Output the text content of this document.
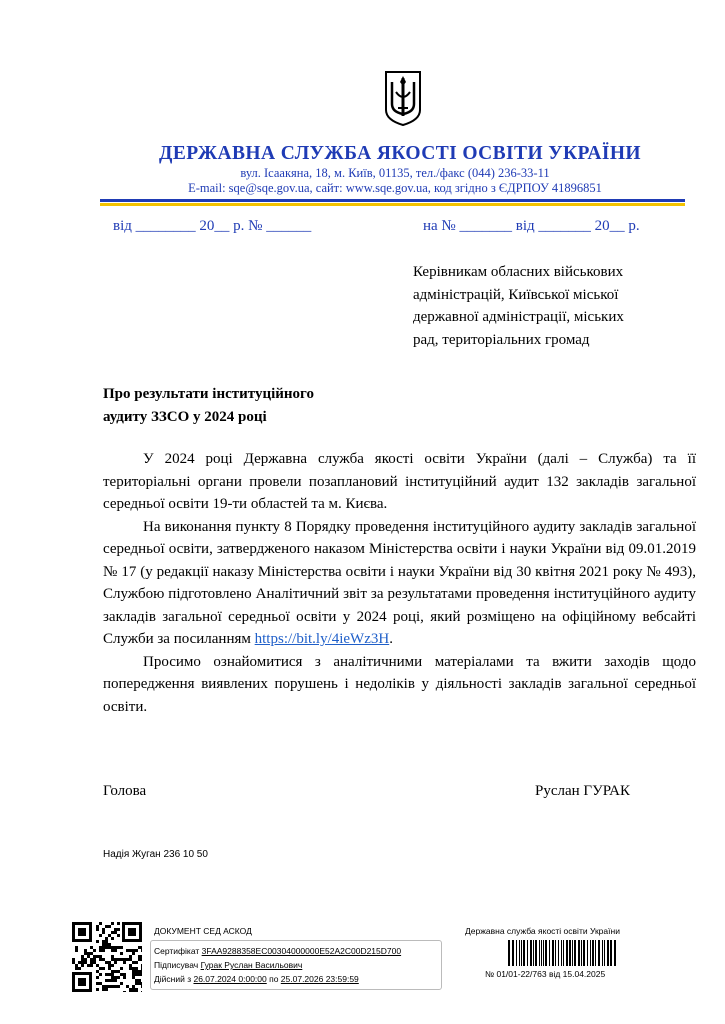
ДЕРЖАВНА СЛУЖБА ЯКОСТІ ОСВІТИ УКРАЇНИ
вул. Ісаакяна, 18, м. Київ, 01135, тел./факс (044) 236-33-11
E-mail: sqe@sqe.gov.ua, сайт: www.sqe.gov.ua, код згідно з ЄДРПОУ 41896851
від ________ 20__ р. № ______	на № _______ від _______ 20__ р.
Керівникам обласних військових
адміністрацій, Київської міської
державної адміністрації, міських
рад, територіальних громад
Про результати інституційного
аудиту ЗЗСО у 2024 році

У 2024 році Державна служба якості освіти України (далі – Служба) та її територіальні органи провели позаплановий інституційний аудит 132 закладів загальної середньої освіти 19-ти областей та м. Києва.

На виконання пункту 8 Порядку проведення інституційного аудиту закладів загальної середньої освіти, затвердженого наказом Міністерства освіти і науки України від 09.01.2019 № 17 (у редакції наказу Міністерства освіти і науки України від 30 квітня 2021 року № 493), Службою підготовлено Аналітичний звіт за результатами проведення інституційного аудиту закладів загальної середньої освіти у 2024 році, який розміщено на офіційному вебсайті Служби за посиланням https://bit.ly/4ieWz3H.

Просимо ознайомитися з аналітичними матеріалами та вжити заходів щодо попередження виявлених порушень і недоліків у діяльності закладів загальної середньої освіти.

Голова	Руслан ГУРАК
Надія Жуган 236 10 50
ДОКУМЕНТ СЕД АСКОД
Сертифікат 3FAA9288358EC00304000000E52A2C00D215D700
Підписувач Гурак Руслан Васильович
Дійсний з 26.07.2024 0:00:00 по 25.07.2026 23:59:59
Державна служба якості освіти України
№ 01/01-22/763 від 15.04.2025
